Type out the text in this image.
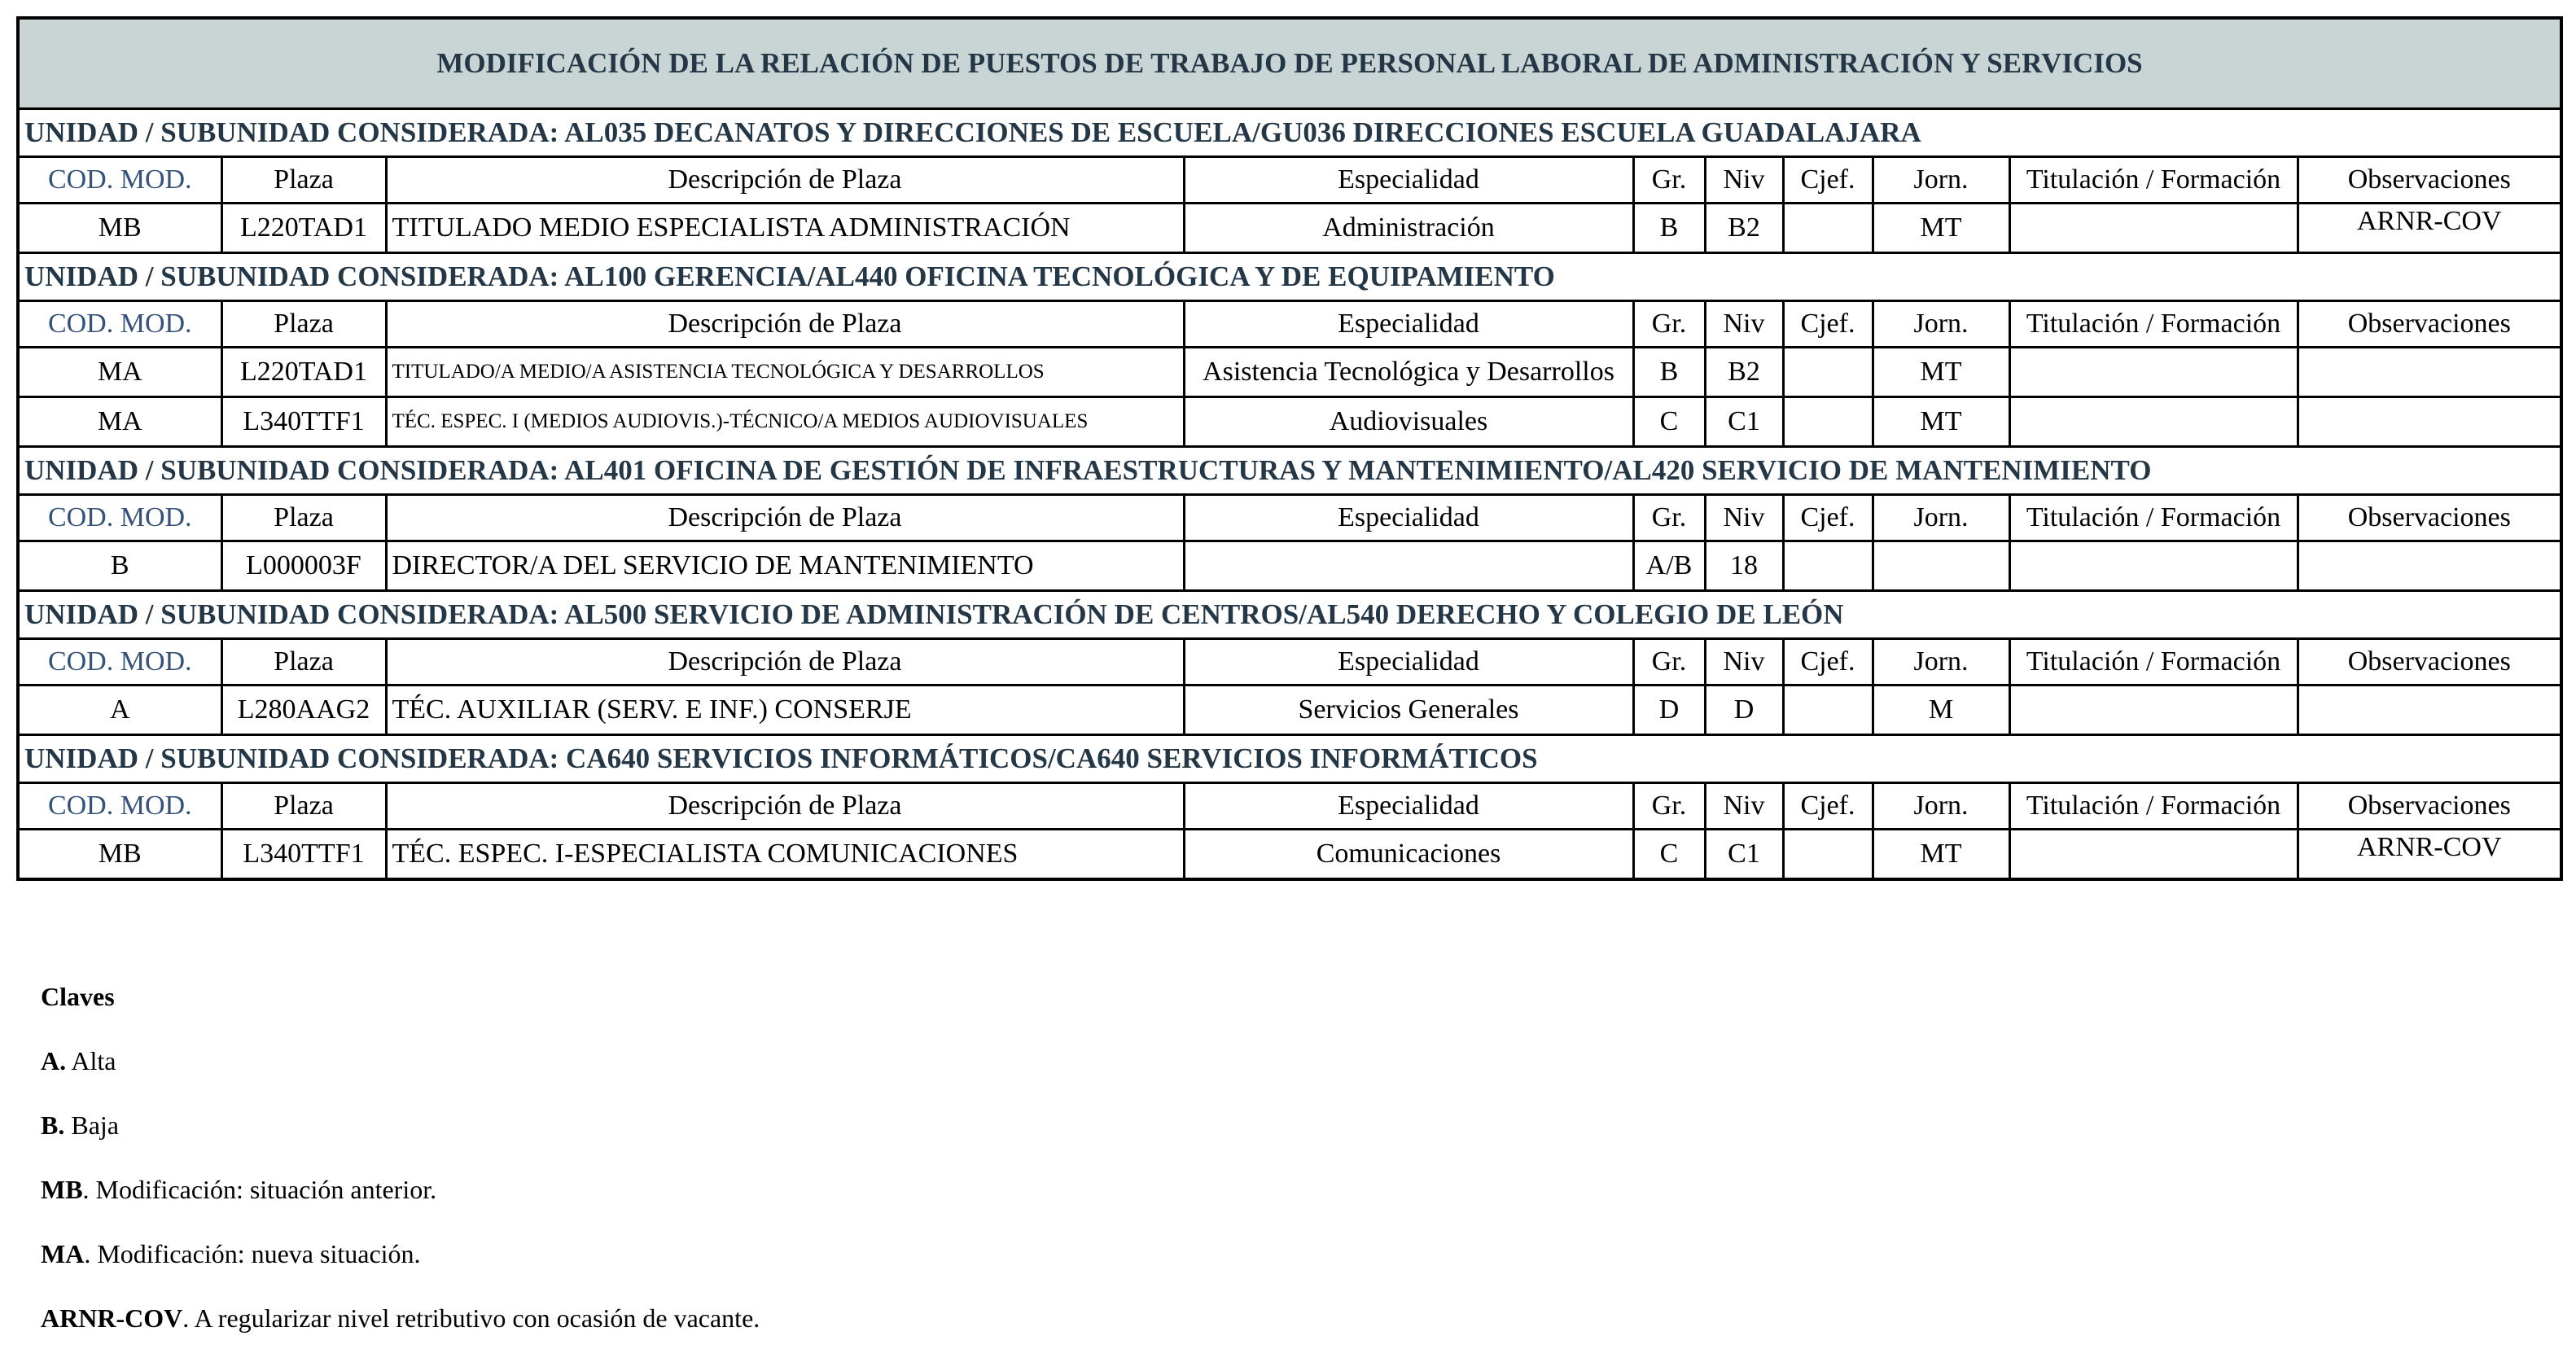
MODIFICACIÓN DE LA RELACIÓN DE PUESTOS DE TRABAJO DE PERSONAL LABORAL DE ADMINISTRACIÓN Y SERVICIOS									
UNIDAD / SUBUNIDAD CONSIDERADA: AL035 DECANATOS Y DIRECCIONES DE ESCUELA/GU036 DIRECCIONES ESCUELA GUADALAJARA									
COD. MOD.	Plaza	Descripción de Plaza	Especialidad	Gr.	Niv	Cjef.	Jorn.	Titulación / Formación	Observaciones
MB	L220TAD1	TITULADO MEDIO ESPECIALISTA ADMINISTRACIÓN	Administración	B	B2		MT		ARNR-COV
UNIDAD / SUBUNIDAD CONSIDERADA: AL100 GERENCIA/AL440 OFICINA TECNOLÓGICA Y DE EQUIPAMIENTO									
COD. MOD.	Plaza	Descripción de Plaza	Especialidad	Gr.	Niv	Cjef.	Jorn.	Titulación / Formación	Observaciones
MA	L220TAD1	TITULADO/A MEDIO/A ASISTENCIA TECNOLÓGICA Y DESARROLLOS	Asistencia Tecnológica y Desarrollos	B	B2		MT		
MA	L340TTF1	TÉC. ESPEC. I (MEDIOS AUDIOVIS.)-TÉCNICO/A MEDIOS AUDIOVISUALES	Audiovisuales	C	C1		MT		
UNIDAD / SUBUNIDAD CONSIDERADA: AL401 OFICINA DE GESTIÓN DE INFRAESTRUCTURAS Y MANTENIMIENTO/AL420 SERVICIO DE MANTENIMIENTO									
COD. MOD.	Plaza	Descripción de Plaza	Especialidad	Gr.	Niv	Cjef.	Jorn.	Titulación / Formación	Observaciones
B	L000003F	DIRECTOR/A DEL SERVICIO DE MANTENIMIENTO		A/B	18				
UNIDAD / SUBUNIDAD CONSIDERADA: AL500 SERVICIO DE ADMINISTRACIÓN DE CENTROS/AL540 DERECHO Y COLEGIO DE LEÓN									
COD. MOD.	Plaza	Descripción de Plaza	Especialidad	Gr.	Niv	Cjef.	Jorn.	Titulación / Formación	Observaciones
A	L280AAG2	TÉC. AUXILIAR (SERV. E INF.) CONSERJE	Servicios Generales	D	D		M		
UNIDAD / SUBUNIDAD CONSIDERADA: CA640 SERVICIOS INFORMÁTICOS/CA640 SERVICIOS INFORMÁTICOS									
COD. MOD.	Plaza	Descripción de Plaza	Especialidad	Gr.	Niv	Cjef.	Jorn.	Titulación / Formación	Observaciones
MB	L340TTF1	TÉC. ESPEC. I-ESPECIALISTA COMUNICACIONES	Comunicaciones	C	C1		MT		ARNR-COV
Claves
A. Alta
B. Baja
MB. Modificación: situación anterior.
MA. Modificación: nueva situación.
ARNR-COV. A regularizar nivel retributivo con ocasión de vacante.
